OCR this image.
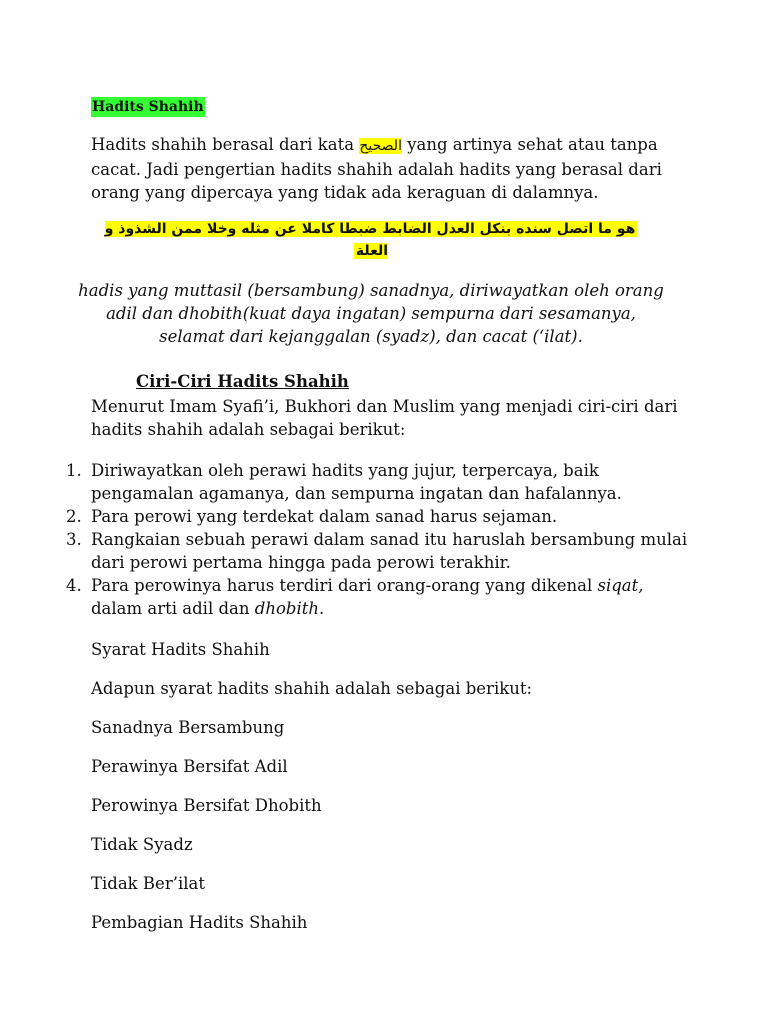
Hadits Shahih

Hadits shahih berasal dari kata الصحيح yang artinya sehat atau tanpa cacat. Jadi pengertian hadits shahih adalah hadits yang berasal dari orang yang dipercaya yang tidak ada keraguan di dalamnya.

هو ما اتصل سنده بنكل العدل الضابط ضبطا كاملا عن مثله وخلا ممن الشذوذ و العلة

hadis yang muttasil (bersambung) sanadnya, diriwayatkan oleh orang adil dan dhobith(kuat daya ingatan) sempurna dari sesamanya, selamat dari kejanggalan (syadz), dan cacat (‘ilat).

Ciri-Ciri Hadits Shahih

Menurut Imam Syafi’i, Bukhori dan Muslim yang menjadi ciri-ciri dari hadits shahih adalah sebagai berikut:

1. Diriwayatkan oleh perawi hadits yang jujur, terpercaya, baik pengamalan agamanya, dan sempurna ingatan dan hafalannya.
2. Para perowi yang terdekat dalam sanad harus sejaman.
3. Rangkaian sebuah perawi dalam sanad itu haruslah bersambung mulai dari perowi pertama hingga pada perowi terakhir.
4. Para perowinya harus terdiri dari orang-orang yang dikenal siqat, dalam arti adil dan dhobith.
Syarat Hadits Shahih
Adapun syarat hadits shahih adalah sebagai berikut:
Sanadnya Bersambung
Perawinya Bersifat Adil
Perowinya Bersifat Dhobith
Tidak Syadz
Tidak Ber’ilat
Pembagian Hadits Shahih
